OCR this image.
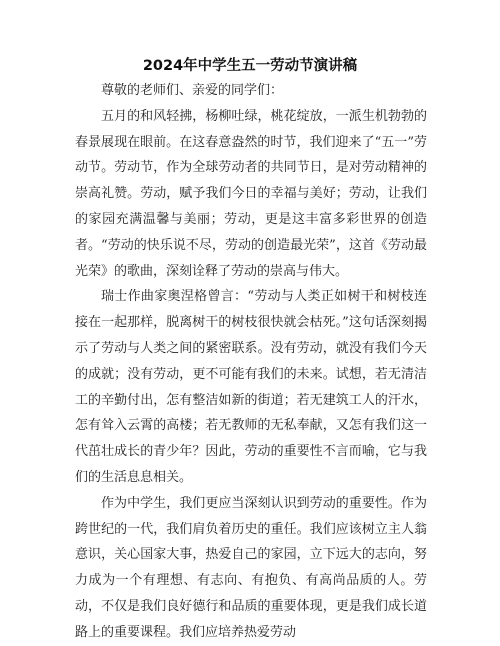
2024年中学生五一劳动节演讲稿

尊敬的老师们、亲爱的同学们：

五月的和风轻拂，杨柳吐绿，桃花绽放，一派生机勃勃的春景展现在眼前。在这春意盎然的时节，我们迎来了“五一”劳动节。劳动节，作为全球劳动者的共同节日，是对劳动精神的崇高礼赞。劳动，赋予我们今日的幸福与美好；劳动，让我们的家园充满温馨与美丽；劳动，更是这丰富多彩世界的创造者。“劳动的快乐说不尽，劳动的创造最光荣”，这首《劳动最光荣》的歌曲，深刻诠释了劳动的崇高与伟大。

瑞士作曲家奥涅格曾言：“劳动与人类正如树干和树枝连接在一起那样，脱离树干的树枝很快就会枯死。”这句话深刻揭示了劳动与人类之间的紧密联系。没有劳动，就没有我们今天的成就；没有劳动，更不可能有我们的未来。试想，若无清洁工的辛勤付出，怎有整洁如新的街道；若无建筑工人的汗水，怎有耸入云霄的高楼；若无教师的无私奉献，又怎有我们这一代茁壮成长的青少年？因此，劳动的重要性不言而喻，它与我们的生活息息相关。

作为中学生，我们更应当深刻认识到劳动的重要性。作为跨世纪的一代，我们肩负着历史的重任。我们应该树立主人翁意识，关心国家大事，热爱自己的家园，立下远大的志向，努力成为一个有理想、有志向、有抱负、有高尚品质的人。劳动，不仅是我们良好德行和品质的重要体现，更是我们成长道路上的重要课程。我们应培养热爱劳动
